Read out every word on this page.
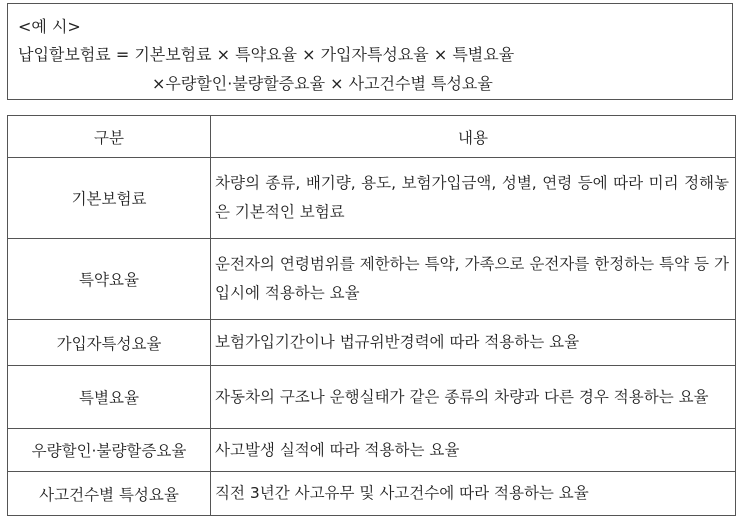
<예 시>
납입할보험료 = 기본보험료 × 특약요율 × 가입자특성요율 × 특별요율
×우량할인·불량할증요율 × 사고건수별 특성요율
구분	내용
기본보험료	차량의 종류, 배기량, 용도, 보험가입금액, 성별, 연령 등에 따라 미리 정해놓은 기본적인 보험료
특약요율	운전자의 연령범위를 제한하는 특약, 가족으로 운전자를 한정하는 특약 등 가입시에 적용하는 요율
가입자특성요율	보험가입기간이나 법규위반경력에 따라 적용하는 요율
특별요율	자동차의 구조나 운행실태가 같은 종류의 차량과 다른 경우 적용하는 요율
우량할인·불량할증요율	사고발생 실적에 따라 적용하는 요율
사고건수별 특성요율	직전 3년간 사고유무 및 사고건수에 따라 적용하는 요율
